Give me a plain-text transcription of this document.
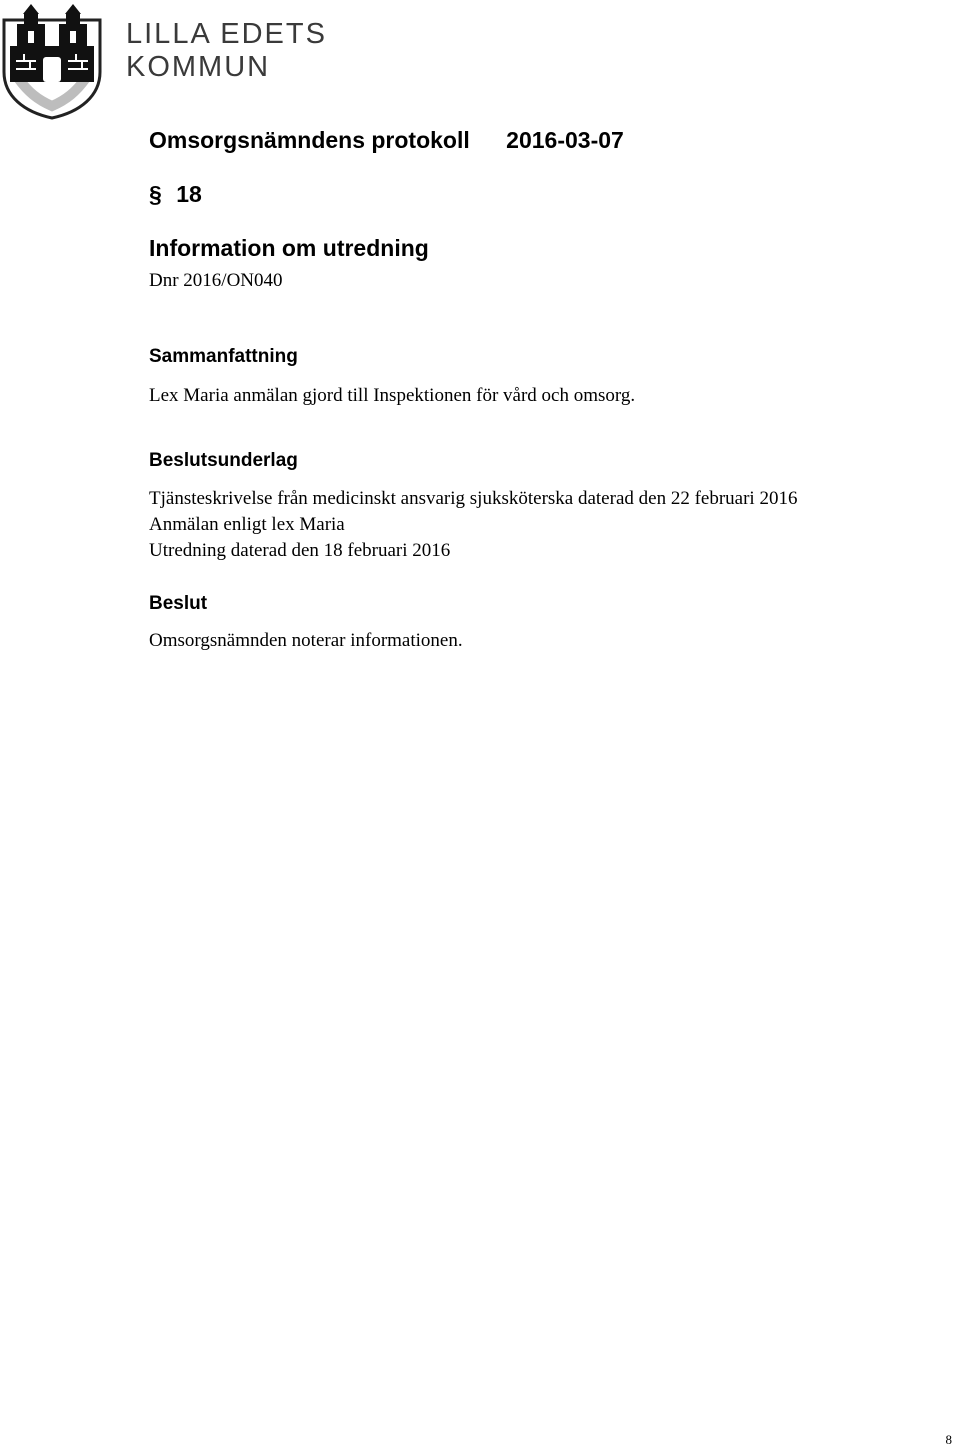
LILLA EDETS
KOMMUN
Omsorgsnämndens protokoll 2016-03-07
§ 18
Information om utredning
Dnr 2016/ON040
Sammanfattning
Lex Maria anmälan gjord till Inspektionen för vård och omsorg.
Beslutsunderlag
Tjänsteskrivelse från medicinskt ansvarig sjuksköterska daterad den 22 februari 2016
Anmälan enligt lex Maria
Utredning daterad den 18 februari 2016
Beslut
Omsorgsnämnden noterar informationen.
8
